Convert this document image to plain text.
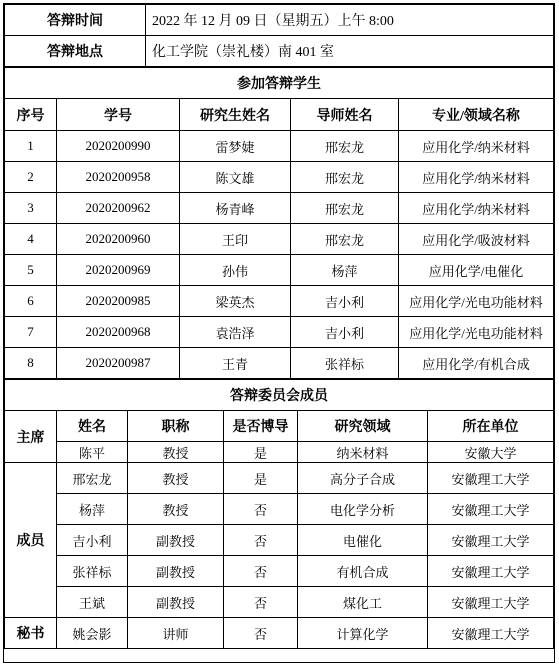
答辩时间	2022 年 12 月 09 日（星期五）上午 8:00
答辩地点	化工学院（崇礼楼）南 401 室
参加答辩学生				
序号	学号	研究生姓名	导师姓名	专业/领域名称
1	2020200990	雷梦婕	邢宏龙	应用化学/纳米材料
2	2020200958	陈文雄	邢宏龙	应用化学/纳米材料
3	2020200962	杨青峰	邢宏龙	应用化学/纳米材料
4	2020200960	王印	邢宏龙	应用化学/吸波材料
5	2020200969	孙伟	杨萍	应用化学/电催化
6	2020200985	梁英杰	吉小利	应用化学/光电功能材料
7	2020200968	袁浩泽	吉小利	应用化学/光电功能材料
8	2020200987	王青	张祥标	应用化学/有机合成
答辩委员会成员					
主席	姓名	职称	是否博导	研究领域	所在单位
	陈平	教授	是	纳米材料	安徽大学
成员	邢宏龙	教授	是	高分子合成	安徽理工大学
	杨萍	教授	否	电化学分析	安徽理工大学
	吉小利	副教授	否	电催化	安徽理工大学
	张祥标	副教授	否	有机合成	安徽理工大学
	王斌	副教授	否	煤化工	安徽理工大学
秘书	姚会影	讲师	否	计算化学	安徽理工大学
